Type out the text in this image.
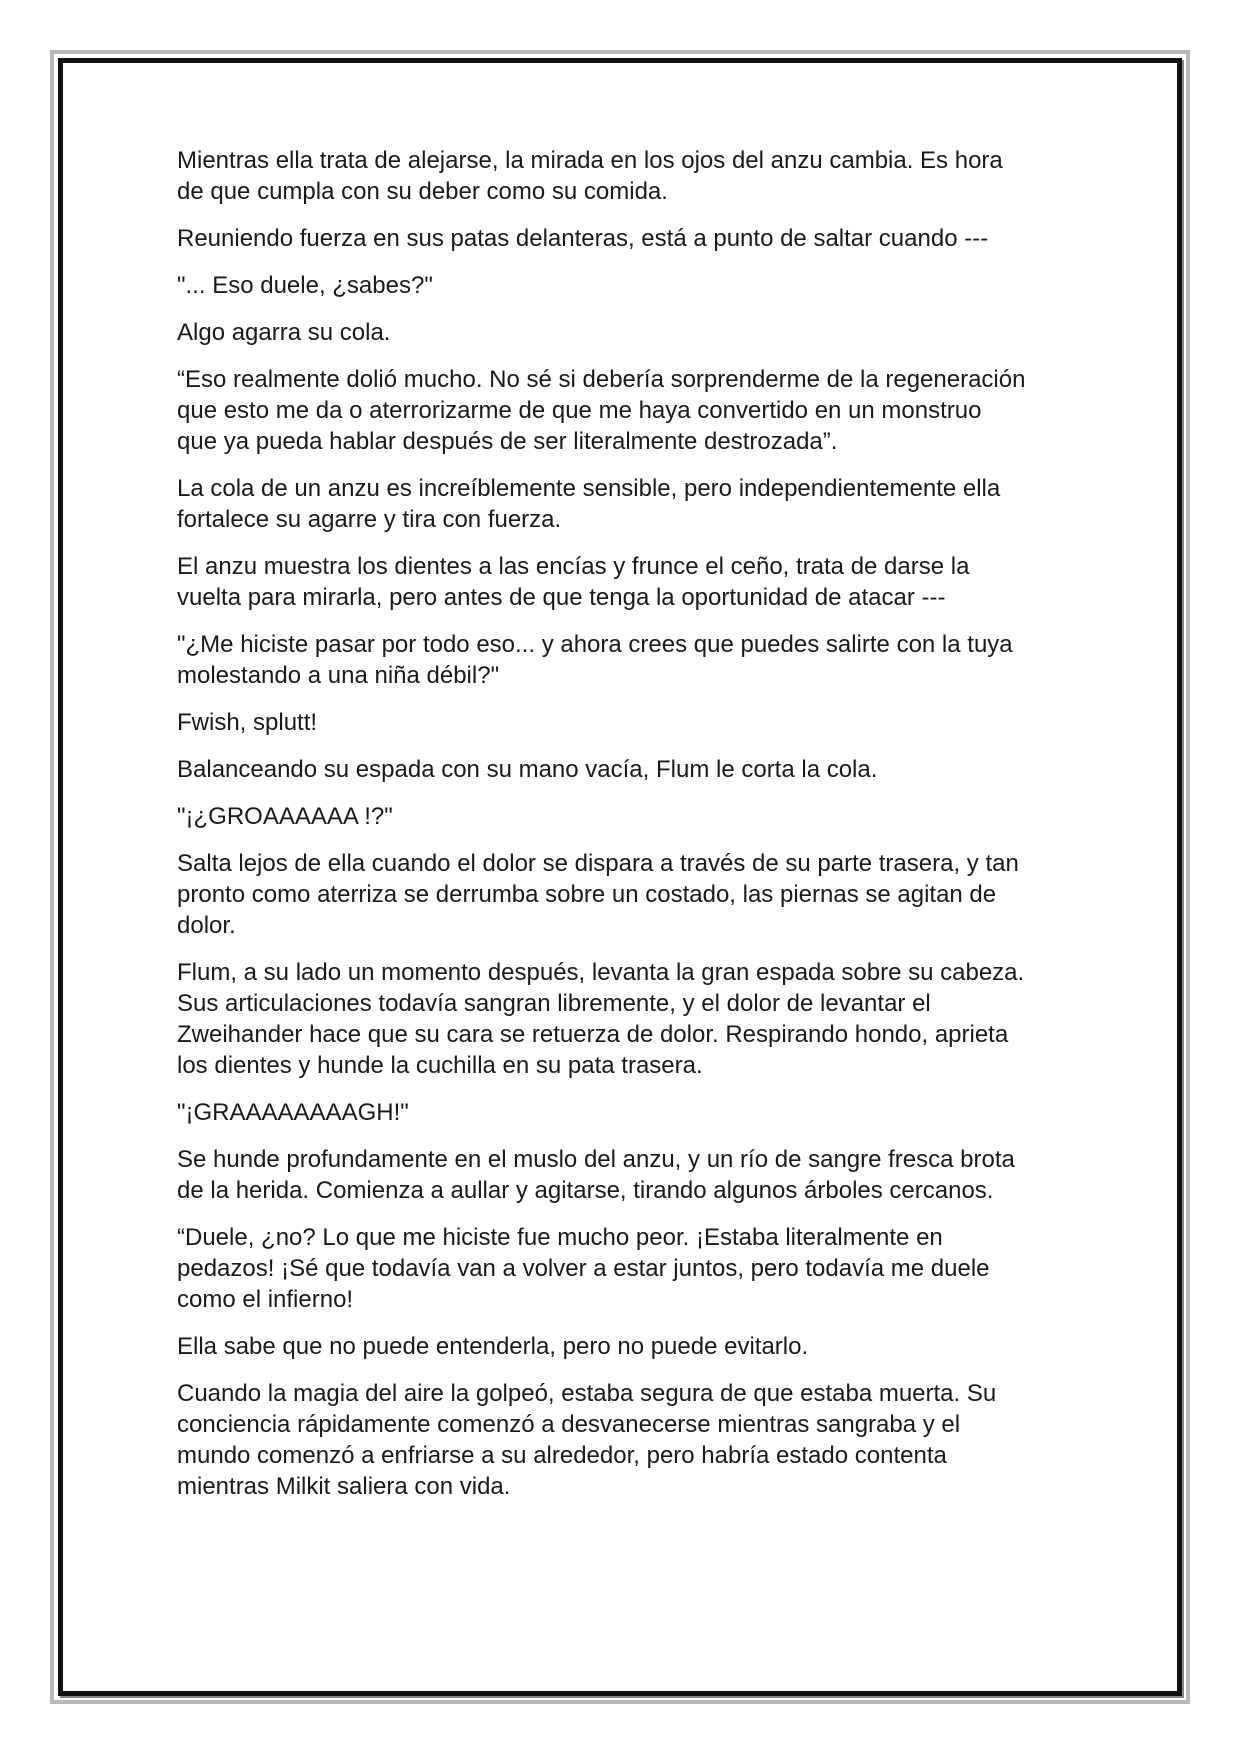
Mientras ella trata de alejarse, la mirada en los ojos del anzu cambia. Es hora
de que cumpla con su deber como su comida.

Reuniendo fuerza en sus patas delanteras, está a punto de saltar cuando ---

"... Eso duele, ¿sabes?"

Algo agarra su cola.

“Eso realmente dolió mucho. No sé si debería sorprenderme de la regeneración
que esto me da o aterrorizarme de que me haya convertido en un monstruo
que ya pueda hablar después de ser literalmente destrozada”.

La cola de un anzu es increíblemente sensible, pero independientemente ella
fortalece su agarre y tira con fuerza.

El anzu muestra los dientes a las encías y frunce el ceño, trata de darse la
vuelta para mirarla, pero antes de que tenga la oportunidad de atacar ---

"¿Me hiciste pasar por todo eso... y ahora crees que puedes salirte con la tuya
molestando a una niña débil?"

Fwish, splutt!

Balanceando su espada con su mano vacía, Flum le corta la cola.

"¡¿GROAAAAAA !?"

Salta lejos de ella cuando el dolor se dispara a través de su parte trasera, y tan
pronto como aterriza se derrumba sobre un costado, las piernas se agitan de
dolor.

Flum, a su lado un momento después, levanta la gran espada sobre su cabeza.
Sus articulaciones todavía sangran libremente, y el dolor de levantar el
Zweihander hace que su cara se retuerza de dolor. Respirando hondo, aprieta
los dientes y hunde la cuchilla en su pata trasera.

"¡GRAAAAAAAAGH!"

Se hunde profundamente en el muslo del anzu, y un río de sangre fresca brota
de la herida. Comienza a aullar y agitarse, tirando algunos árboles cercanos.

“Duele, ¿no? Lo que me hiciste fue mucho peor. ¡Estaba literalmente en
pedazos! ¡Sé que todavía van a volver a estar juntos, pero todavía me duele
como el infierno!

Ella sabe que no puede entenderla, pero no puede evitarlo.

Cuando la magia del aire la golpeó, estaba segura de que estaba muerta. Su
conciencia rápidamente comenzó a desvanecerse mientras sangraba y el
mundo comenzó a enfriarse a su alrededor, pero habría estado contenta
mientras Milkit saliera con vida.
